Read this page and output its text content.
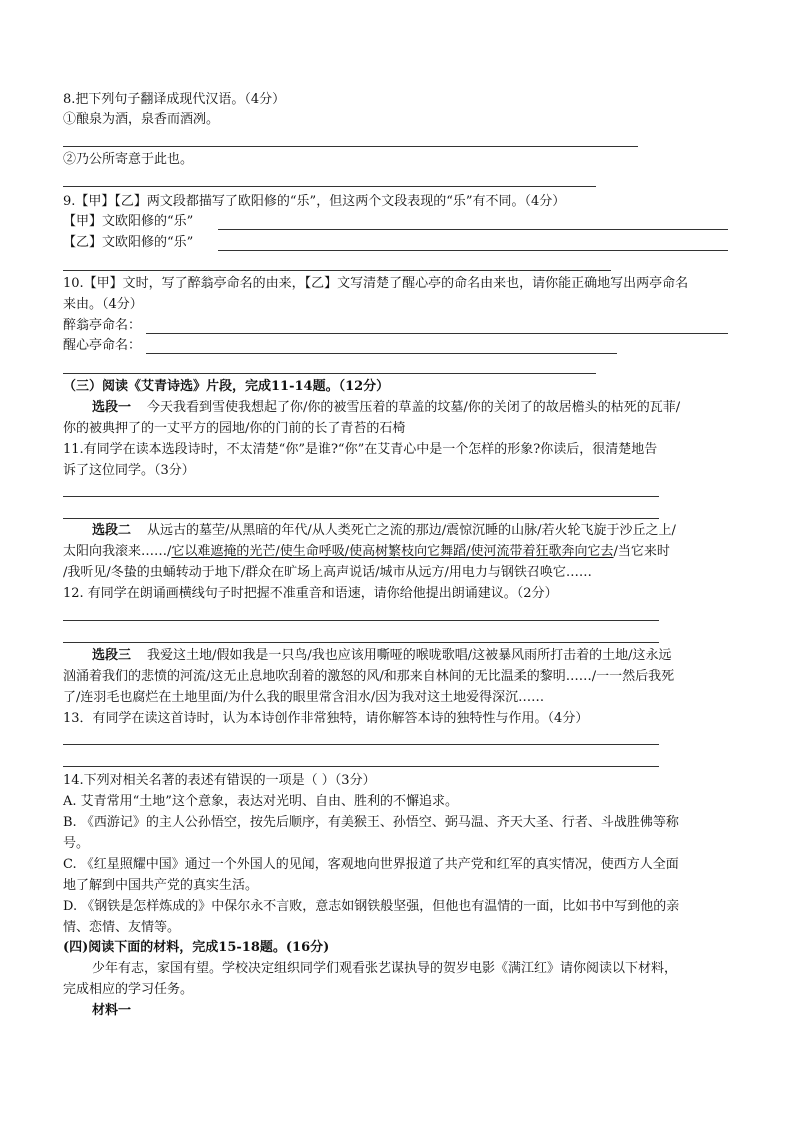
8.把下列句子翻译成现代汉语。（4分）
①酿泉为酒，泉香而酒冽。
②乃公所寄意于此也。
9.【甲】【乙】两文段都描写了欧阳修的“乐”，但这两个文段表现的“乐”有不同。（4分）
【甲】文欧阳修的“乐”
【乙】文欧阳修的“乐”
10.【甲】文时，写了醉翁亭命名的由来，【乙】文写清楚了醒心亭的命名由来也，请你能正确地写出两亭命名
来由。（4分）
醉翁亭命名：
醒心亭命名：
（三）阅读《艾青诗选》片段，完成11-14题。（12分）
选段一 今天我看到雪使我想起了你/你的被雪压着的草盖的坟墓/你的关闭了的故居檐头的枯死的瓦菲/
你的被典押了的一丈平方的园地/你的门前的长了青苔的石椅
11.有同学在读本选段诗时，不太清楚“你”是谁?“你”在艾青心中是一个怎样的形象?你读后，很清楚地告
诉了这位同学。（3分）
选段二 从远古的墓茔/从黑暗的年代/从人类死亡之流的那边/震惊沉睡的山脉/若火轮飞旋于沙丘之上/
太阳向我滚来……/它以难遮掩的光芒/使生命呼吸/使高树繁枝向它舞蹈/使河流带着狂歌奔向它去/当它来时
/我听见/冬蛰的虫蛹转动于地下/群众在旷场上高声说话/城市从远方/用电力与钢铁召唤它……
12. 有同学在朗诵画横线句子时把握不准重音和语速，请你给他提出朗诵建议。（2分）
选段三 我爱这土地/假如我是一只鸟/我也应该用嘶哑的喉咙歌唱/这被暴风雨所打击着的土地/这永远
汹涌着我们的悲愤的河流/这无止息地吹刮着的激怒的风/和那来自林间的无比温柔的黎明……/一一然后我死
了/连羽毛也腐烂在土地里面/为什么我的眼里常含泪水/因为我对这土地爱得深沉……
13．有同学在读这首诗时，认为本诗创作非常独特，请你解答本诗的独特性与作用。（4分）
14.下列对相关名著的表述有错误的一项是（ ）（3分）
A. 艾青常用“土地”这个意象，表达对光明、自由、胜利的不懈追求。
B. 《西游记》的主人公孙悟空，按先后顺序，有美猴王、孙悟空、弼马温、齐天大圣、行者、斗战胜佛等称
号。
C. 《红星照耀中国》通过一个外国人的见闻，客观地向世界报道了共产党和红军的真实情况，使西方人全面
地了解到中国共产党的真实生活。
D. 《钢铁是怎样炼成的》中保尔永不言败，意志如钢铁般坚强，但他也有温情的一面，比如书中写到他的亲
情、恋情、友情等。
(四)阅读下面的材料，完成15-18题。(16分)
少年有志，家国有望。学校决定组织同学们观看张艺谋执导的贺岁电影《满江红》请你阅读以下材料，
完成相应的学习任务。
材料一
